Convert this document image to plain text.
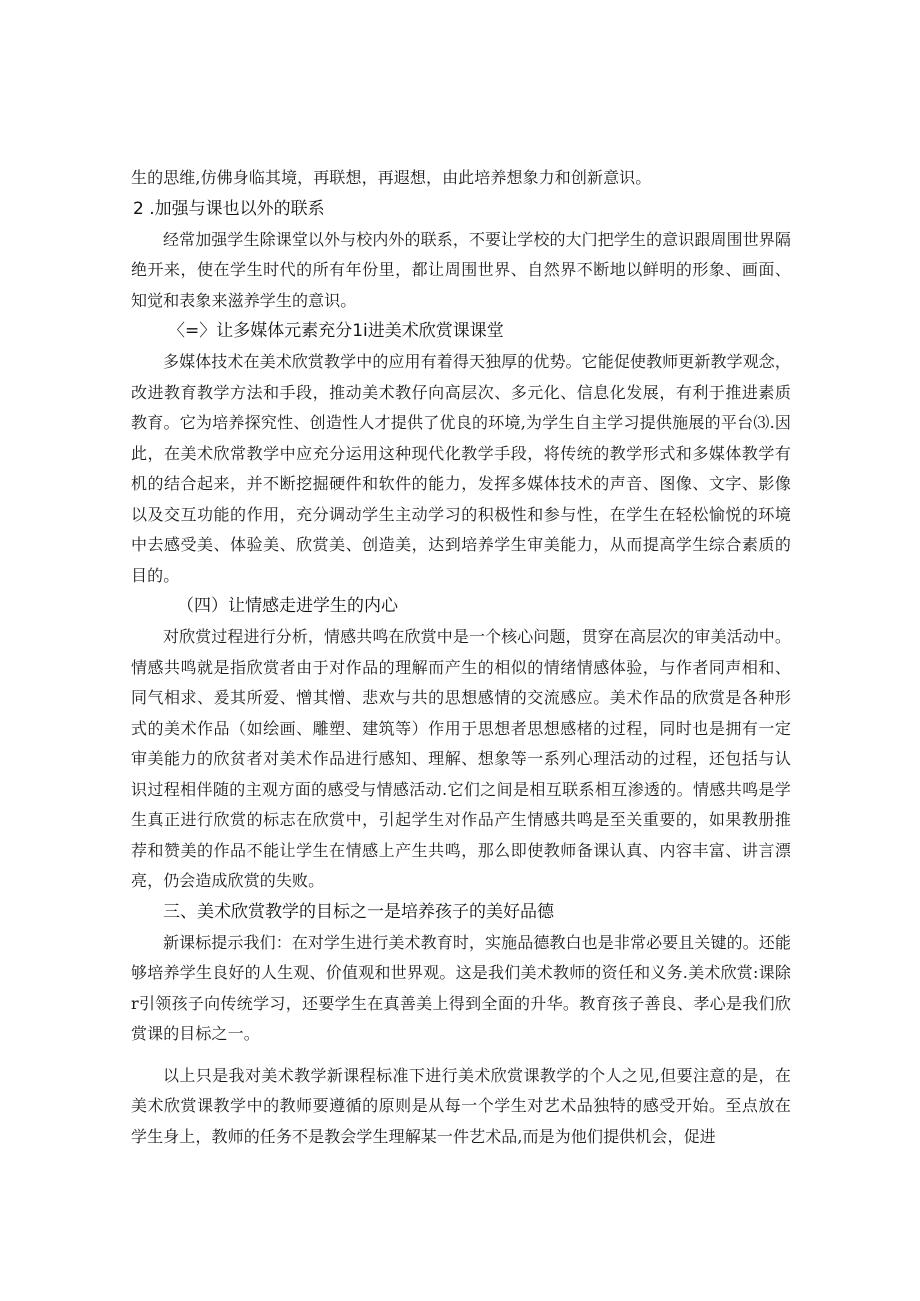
生的思维,仿佛身临其境，再联想，再遐想，由此培养想象力和创新意识。

2 .加强与课也以外的联系

经常加强学生除课堂以外与校内外的联系，不要让学校的大门把学生的意识跟周围世界隔绝开来，使在学生时代的所有年份里，都让周围世界、自然界不断地以鲜明的形象、画面、知觉和表象来滋养学生的意识。

〈=〉让多媒体元素充分1i进美术欣赏课课堂

多媒体技术在美术欣赏教学中的应用有着得天独厚的优势。它能促使教师更新教学观念，改进教育教学方法和手段，推动美术教仔向高层次、多元化、信息化发展，有利于推进素质教育。它为培养探究性、创造性人才提供了优良的环境,为学生自主学习提供施展的平台⑶.因此，在美术欣常教学中应充分运用这种现代化教学手段，将传统的教学形式和多媒体教学有机的结合起来，并不断挖掘硬件和软件的能力，发挥多媒体技术的声音、图像、文字、影像以及交互功能的作用，充分调动学生主动学习的积极性和参与性，在学生在轻松愉悦的环境中去感受美、体验美、欣赏美、创造美，达到培养学生审美能力，从而提高学生综合素质的目的。

（四）让情感走进学生的内心

对欣赏过程进行分析，情感共鸣在欣赏中是一个核心问题，贯穿在高层次的审美活动中。情感共鸣就是指欣赏者由于对作品的理解而产生的相似的情绪情感体验，与作者同声相和、同气相求、爰其所爱、憎其憎、悲欢与共的思想感情的交流感应。美术作品的欣赏是各种形式的美术作品（如绘画、雕塑、建筑等）作用于思想者思想感楮的过程，同时也是拥有一定审美能力的欣贫者对美术作品进行感知、理解、想象等一系列心理活动的过程，还包括与认识过程相伴随的主观方面的感受与情感活动.它们之间是相互联系相互渗透的。情感共鸣是学生真正进行欣赏的标志在欣赏中，引起学生对作品产生情感共鸣是至关重要的，如果教册推荐和赞美的作品不能让学生在情感上产生共鸣，那么即使教师备课认真、内容丰富、讲言漂亮，仍会造成欣赏的失败。

三、美术欣赏教学的目标之一是培养孩子的美好品德

新课标提示我们：在对学生进行美术教育时，实施品德教白也是非常必要且关键的。还能够培养学生良好的人生观、价值观和世界观。这是我们美术教师的资任和义务.美术欣赏:课除r引领孩子向传统学习，还要学生在真善美上得到全面的升华。教育孩子善良、孝心是我们欣赏课的目标之一。

以上只是我对美术教学新课程标准下进行美术欣赏课教学的个人之见,但要注意的是，在美术欣赏课教学中的教师要遵循的原则是从每一个学生对艺术品独特的感受开始。至点放在学生身上，教师的任务不是教会学生理解某一件艺术品,而是为他们提供机会，促进
